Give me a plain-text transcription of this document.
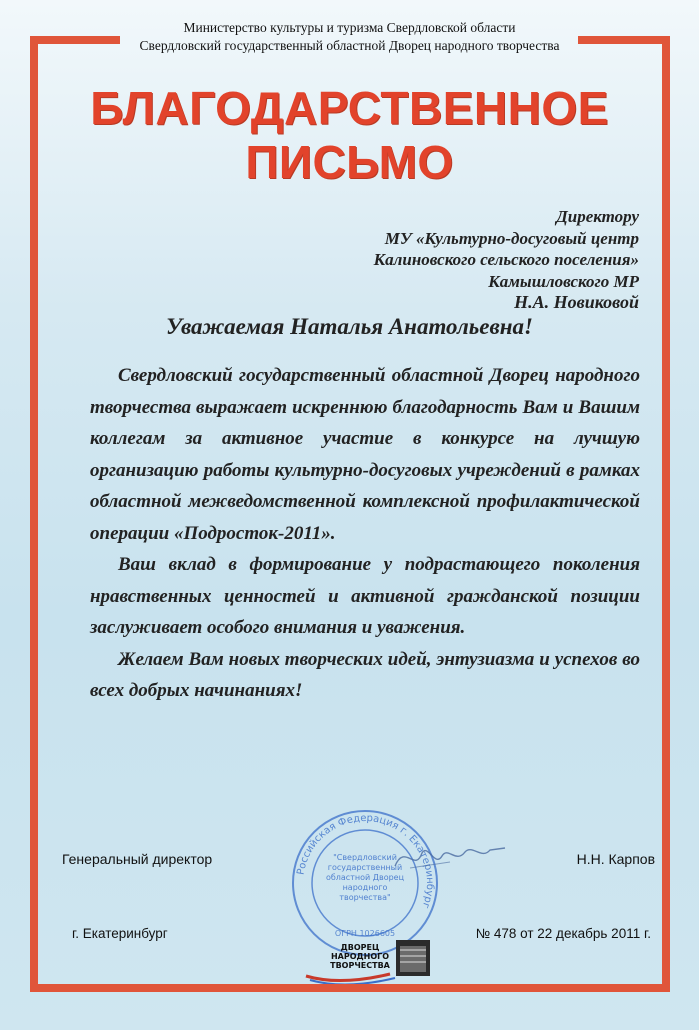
Министерство культуры и туризма Свердловской области
Свердловский государственный областной Дворец народного творчества
БЛАГОДАРСТВЕННОЕ
ПИСЬМО
Директору
МУ «Культурно-досуговый центр
Калиновского сельского поселения»
Камышловского МР
Н.А. Новиковой
Уважаемая Наталья Анатольевна!

Свердловский государственный областной Дворец народного творчества выражает искреннюю благодарность Вам и Вашим коллегам за активное участие в конкурсе на лучшую организацию работы культурно-досуговых учреждений в рамках областной межведомственной комплексной профилактической операции «Подросток-2011».

Ваш вклад в формирование у подрастающего поколения нравственных ценностей и активной гражданской позиции заслуживает особого внимания и уважения.

Желаем Вам новых творческих идей, энтузиазма и успехов во всех добрых начинаниях!

Генеральный директор	Н.Н. Карпов
Российская Федерация г. Екатеринбург
"Свердловский государственный областной Дворец народного творчества"
ОГРН 1026605
г. Екатеринбург	№ 478 от 22 декабрь 2011 г.
ДВОРЕЦ
НАРОДНОГО
ТВОРЧЕСТВА
